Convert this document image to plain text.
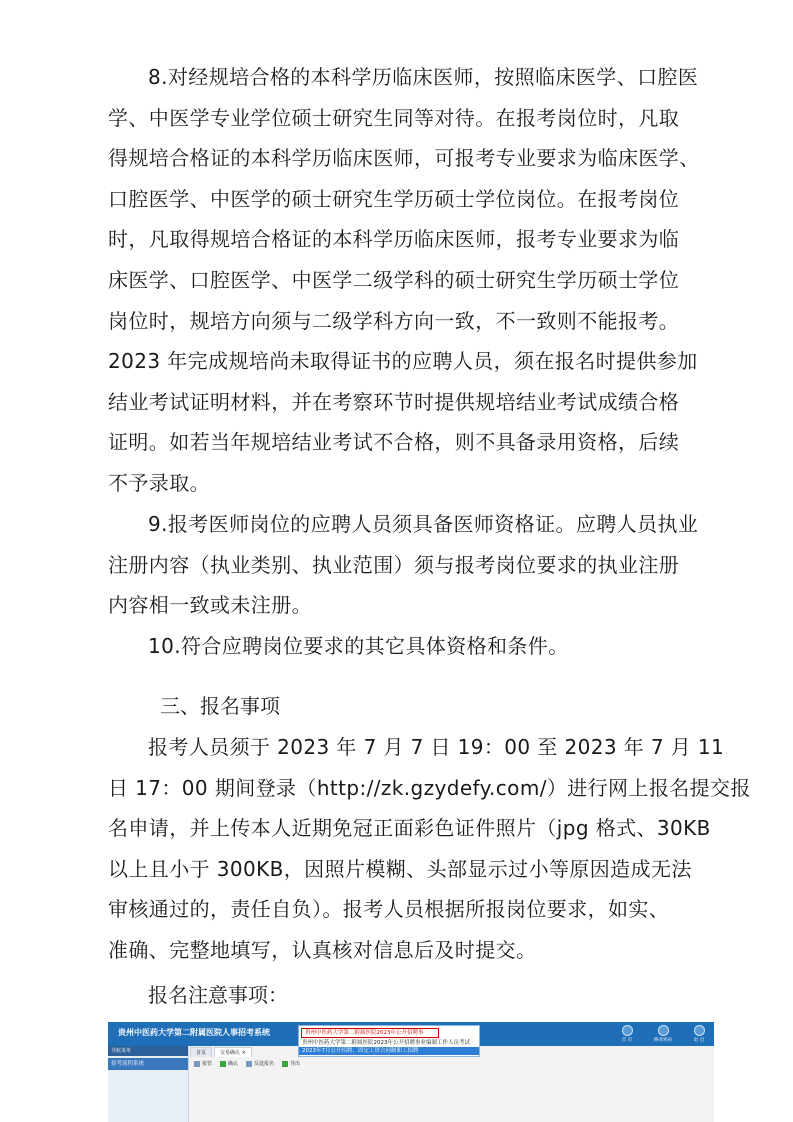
8.对经规培合格的本科学历临床医师，按照临床医学、口腔医
学、中医学专业学位硕士研究生同等对待。在报考岗位时，凡取
得规培合格证的本科学历临床医师，可报考专业要求为临床医学、
口腔医学、中医学的硕士研究生学历硕士学位岗位。在报考岗位
时，凡取得规培合格证的本科学历临床医师，报考专业要求为临
床医学、口腔医学、中医学二级学科的硕士研究生学历硕士学位
岗位时，规培方向须与二级学科方向一致，不一致则不能报考。
2023 年完成规培尚未取得证书的应聘人员，须在报名时提供参加
结业考试证明材料，并在考察环节时提供规培结业考试成绩合格
证明。如若当年规培结业考试不合格，则不具备录用资格，后续
不予录取。
9.报考医师岗位的应聘人员须具备医师资格证。应聘人员执业
注册内容（执业类别、执业范围）须与报考岗位要求的执业注册
内容相一致或未注册。
10.符合应聘岗位要求的其它具体资格和条件。
三、报名事项
报考人员须于 2023 年 7 月 7 日 19：00 至 2023 年 7 月 11
日 17：00 期间登录（http://zk.gzydefy.com/）进行网上报名提交报
名申请，并上传本人近期免冠正面彩色证件照片（jpg 格式、30KB
以上且小于 300KB，因照片模糊、头部显示过小等原因造成无法
审核通过的，责任自负）。报考人员根据所报岗位要求，如实、
准确、完整地填写，认真核对信息后及时提交。
报名注意事项：
贵州中医药大学第二附属医院人事招考系统
首 页	修改密码	退 出
贵州中医药大学第二附属医院2023年公开招聘事
贵州中医药大学第二附属医院2023年公开招聘事业编制工作人员考试
2023年7月公开招聘、固定工资合同制职工招聘
导航菜单
招考流程系统
首页	交易确认 ×
报管	确认	反选报名	导出
